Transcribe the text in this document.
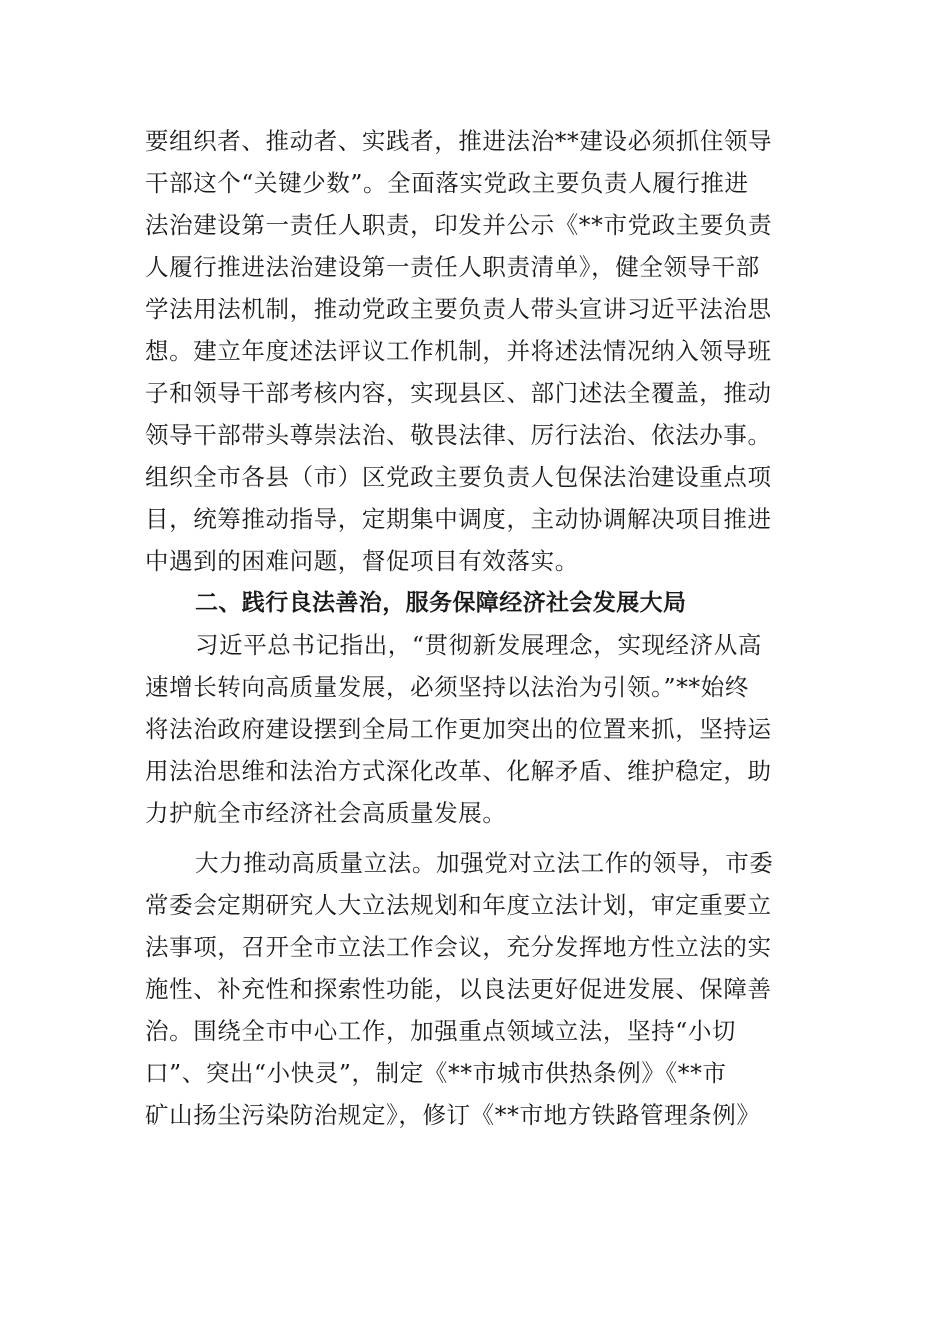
要组织者、推动者、实践者，推进法治**建设必须抓住领导
干部这个“关键少数”。全面落实党政主要负责人履行推进
法治建设第一责任人职责，印发并公示《**市党政主要负责
人履行推进法治建设第一责任人职责清单》，健全领导干部
学法用法机制，推动党政主要负责人带头宣讲习近平法治思
想。建立年度述法评议工作机制，并将述法情况纳入领导班
子和领导干部考核内容，实现县区、部门述法全覆盖，推动
领导干部带头尊崇法治、敬畏法律、厉行法治、依法办事。
组织全市各县（市）区党政主要负责人包保法治建设重点项
目，统筹推动指导，定期集中调度，主动协调解决项目推进
中遇到的困难问题，督促项目有效落实。
二、践行良法善治，服务保障经济社会发展大局
习近平总书记指出，“贯彻新发展理念，实现经济从高
速增长转向高质量发展，必须坚持以法治为引领。”**始终
将法治政府建设摆到全局工作更加突出的位置来抓，坚持运
用法治思维和法治方式深化改革、化解矛盾、维护稳定，助
力护航全市经济社会高质量发展。
大力推动高质量立法。加强党对立法工作的领导，市委
常委会定期研究人大立法规划和年度立法计划，审定重要立
法事项，召开全市立法工作会议，充分发挥地方性立法的实
施性、补充性和探索性功能，以良法更好促进发展、保障善
治。围绕全市中心工作，加强重点领域立法，坚持“小切
口”、突出“小快灵”，制定《**市城市供热条例》《**市
矿山扬尘污染防治规定》，修订《**市地方铁路管理条例》
